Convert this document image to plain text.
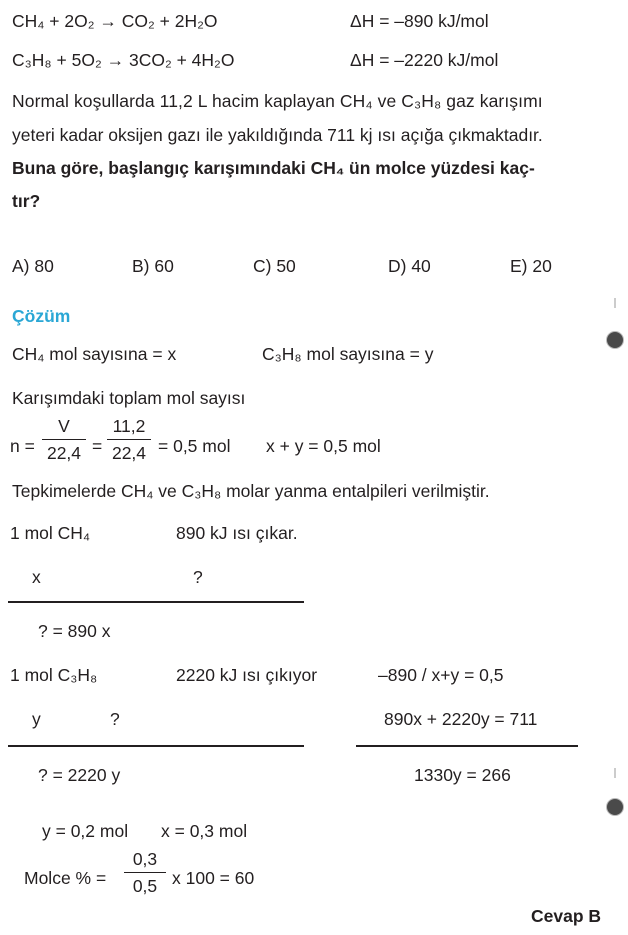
CH₄ + 2O₂ → CO₂ + 2H₂O	ΔH = –890 kJ/mol
C₃H₈ + 5O₂ → 3CO₂ + 4H₂O	ΔH = –2220 kJ/mol
Normal koşullarda 11,2 L hacim kaplayan CH₄ ve C₃H₈ gaz karışımı
yeteri kadar oksijen gazı ile yakıldığında 711 kj ısı açığa çıkmaktadır.
Buna göre, başlangıç karışımındaki CH₄ ün molce yüzdesi kaç-
tır?
A) 80	B) 60	C) 50	D) 40	E) 20
Çözüm
CH₄ mol sayısına = x	C₃H₈ mol sayısına = y
Karışımdaki toplam mol sayısı
$n = \frac{V}{22,4} = \frac{11,2}{22,4} = 0,5$ mol x + y = 0,5 mol
Tepkimelerde CH₄ ve C₃H₈ molar yanma entalpileri verilmiştir.
1 mol CH₄	890 kJ ısı çıkar.
x	?
? = 890 x
1 mol C₃H₈	2220 kJ ısı çıkıyor
y	?
? = 2220 y
–890 / x+y = 0,5
890x + 2220y = 711
1330y = 266
y = 0,2 mol x = 0,3 mol
Molce % = $\frac{0,3}{0,5}$ x 100 = 60
Cevap B
